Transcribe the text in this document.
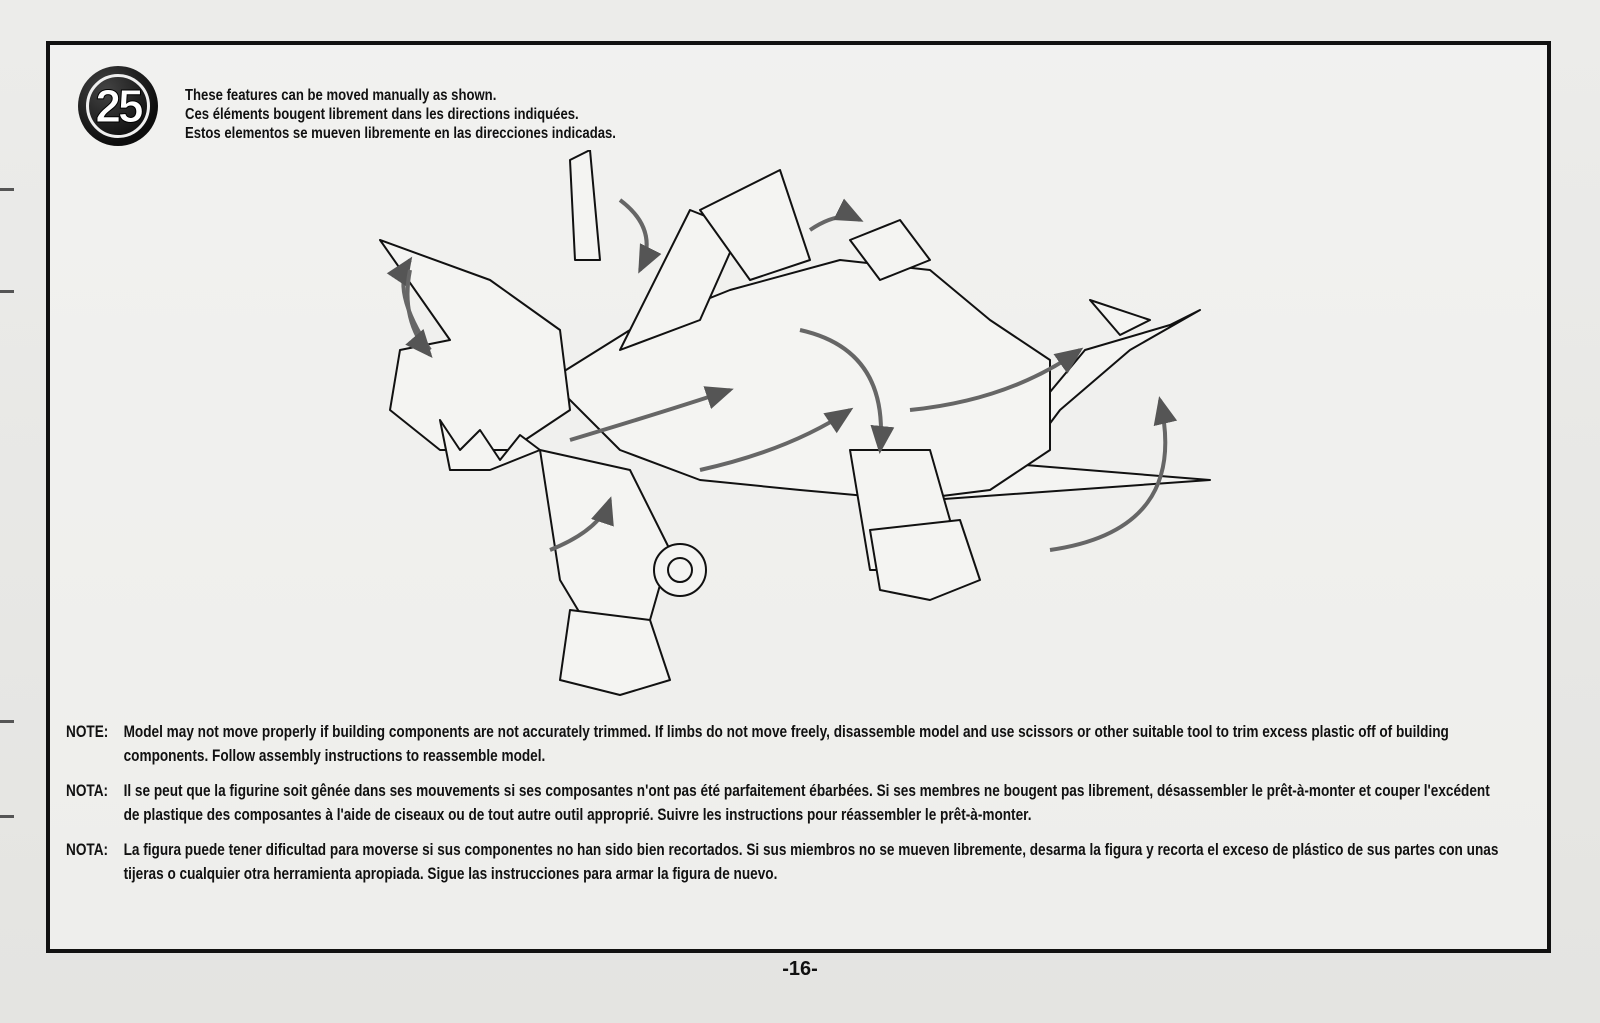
25	These features can be moved manually as shown.
Ces éléments bougent librement dans les directions indiquées.
Estos elementos se mueven libremente en las direcciones indicadas.
NOTE: Model may not move properly if building components are not accurately trimmed. If limbs do not move freely, disassemble model and use scissors or other suitable tool to trim excess plastic off of building components. Follow assembly instructions to reassemble model.
NOTA: Il se peut que la figurine soit gênée dans ses mouvements si ses composantes n'ont pas été parfaitement ébarbées. Si ses membres ne bougent pas librement, désassembler le prêt-à-monter et couper l'excédent de plastique des composantes à l'aide de ciseaux ou de tout autre outil approprié. Suivre les instructions pour réassembler le prêt-à-monter.
NOTA: La figura puede tener dificultad para moverse si sus componentes no han sido bien recortados. Si sus miembros no se mueven libremente, desarma la figura y recorta el exceso de plástico de sus partes con unas tijeras o cualquier otra herramienta apropiada. Sigue las instrucciones para armar la figura de nuevo.
-16-
